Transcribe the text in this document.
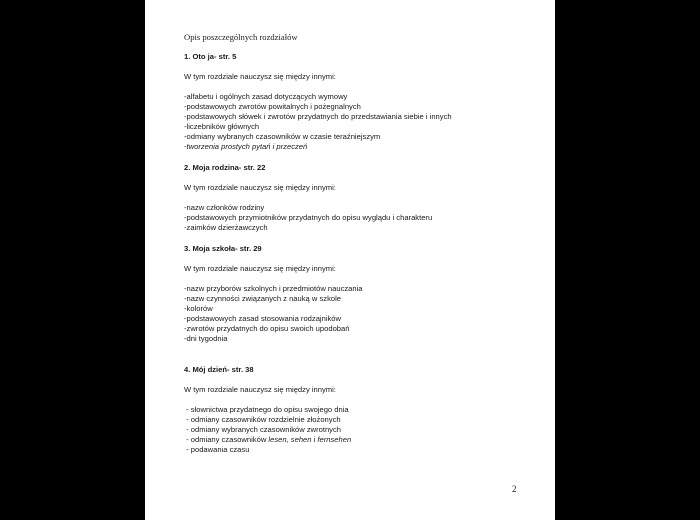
Opis poszczególnych rozdziałów
1. Oto ja- str. 5
W tym rozdziale nauczysz się między innymi:
-alfabetu i ogólnych zasad dotyczących wymowy
-podstawowych zwrotów powitalnych i pożegnalnych
-podstawowych słówek i zwrotów przydatnych do przedstawiania siebie i innych
-liczebników głównych
-odmiany wybranych czasowników w czasie teraźniejszym
-tworzenia prostych pytań i przeczeń
2. Moja rodzina- str. 22
W tym rozdziale nauczysz się między innymi:
-nazw członków rodziny
-podstawowych przymiotników przydatnych do opisu wyglądu i charakteru
-zaimków dzierżawczych
3. Moja szkoła- str. 29
W tym rozdziale nauczysz się między innymi:
-nazw przyborów szkolnych i przedmiotów nauczania
-nazw czynności związanych z nauką w szkole
-kolorów
-podstawowych zasad stosowania rodzajników
-zwrotów przydatnych do opisu swoich upodobań
-dni tygodnia
4. Mój dzień- str. 38
W tym rozdziale nauczysz się między innymi:
- słownictwa przydatnego do opisu swojego dnia
- odmiany czasowników rozdzielnie złożonych
- odmiany wybranych czasowników zwrotnych
- odmiany czasowników lesen, sehen i fernsehen
- podawania czasu
2
